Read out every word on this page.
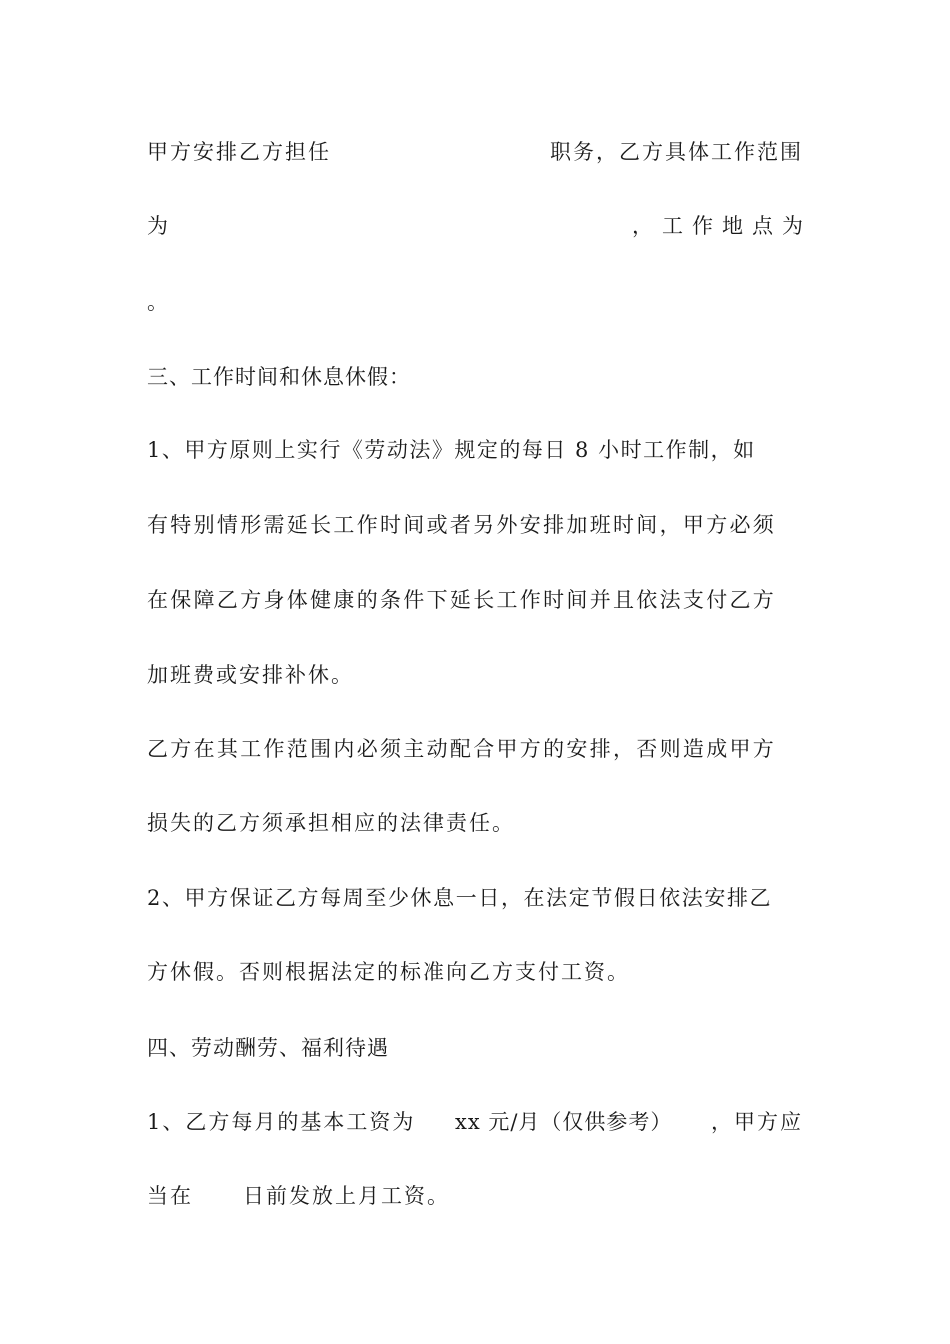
甲方安排乙方担任	职务，乙方具体工作范围
为	，工作地点为
。
三、工作时间和休息休假：
1、甲方原则上实行《劳动法》规定的每日 8 小时工作制，如
有特别情形需延长工作时间或者另外安排加班时间，甲方必须
在保障乙方身体健康的条件下延长工作时间并且依法支付乙方
加班费或安排补休。
乙方在其工作范围内必须主动配合甲方的安排，否则造成甲方
损失的乙方须承担相应的法律责任。
2、甲方保证乙方每周至少休息一日，在法定节假日依法安排乙
方休假。否则根据法定的标准向乙方支付工资。
四、劳动酬劳、福利待遇
1、乙方每月的基本工资为 xx 元/月（仅供参考） ，甲方应
当在 日前发放上月工资。
